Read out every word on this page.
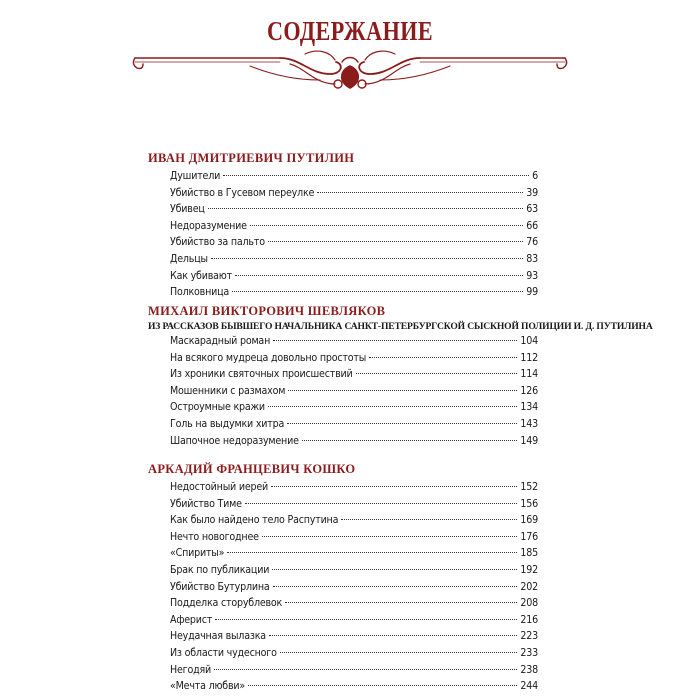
СОДЕРЖАНИЕ
ИВАН ДМИТРИЕВИЧ ПУТИЛИН
Душители	6
Убийство в Гусевом переулке	39
Убивец	63
Недоразумение	66
Убийство за пальто	76
Дельцы	83
Как убивают	93
Полковница	99
МИХАИЛ ВИКТОРОВИЧ ШЕВЛЯКОВ
ИЗ РАССКАЗОВ БЫВШЕГО НАЧАЛЬНИКА САНКТ-ПЕТЕРБУРГСКОЙ СЫСКНОЙ ПОЛИЦИИ И. Д. ПУТИЛИНА
Маскарадный роман	104
На всякого мудреца довольно простоты	112
Из хроники святочных происшествий	114
Мошенники с размахом	126
Остроумные кражи	134
Голь на выдумки хитра	143
Шапочное недоразумение	149
АРКАДИЙ ФРАНЦЕВИЧ КОШКО
Недостойный иерей	152
Убийство Тиме	156
Как было найдено тело Распутина	169
Нечто новогоднее	176
«Спириты»	185
Брак по публикации	192
Убийство Бутурлина	202
Подделка сторублевок	208
Аферист	216
Неудачная вылазка	223
Из области чудесного	233
Негодяй	238
«Мечта любви»	244
